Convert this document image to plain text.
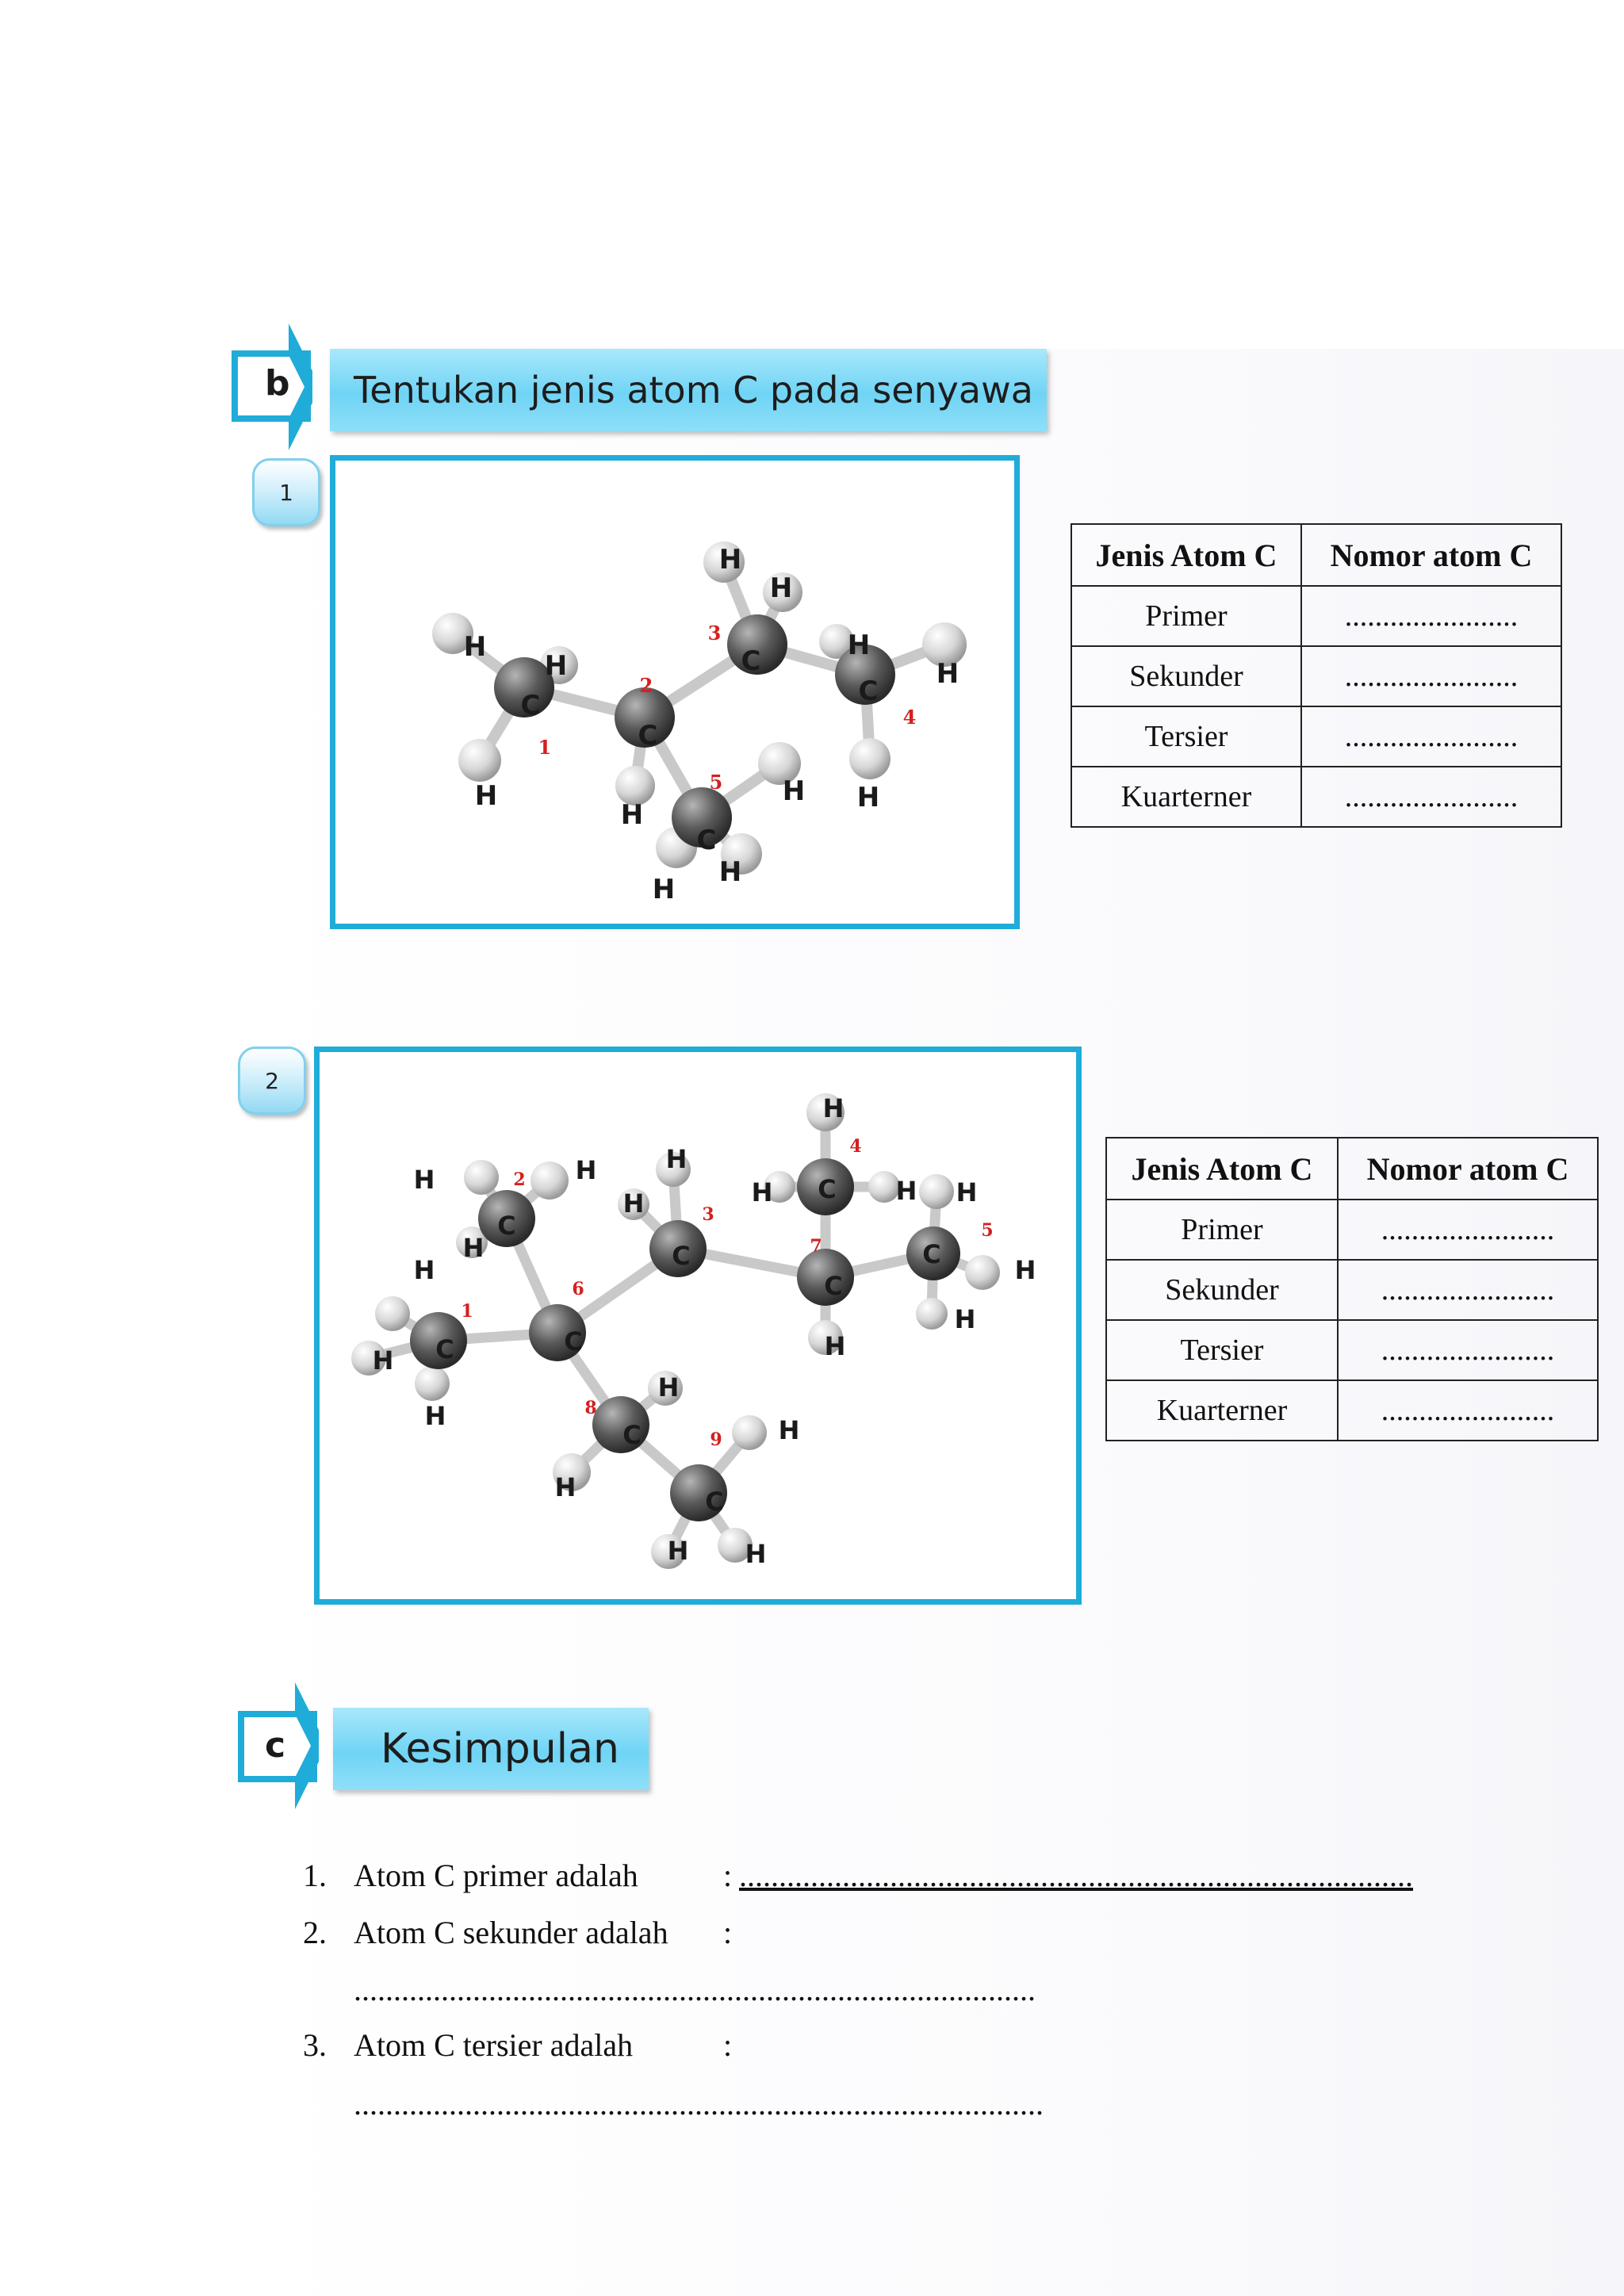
b	Tentukan jenis atom C pada senyawa
1
C
C
C
C
C
H
H
H
H
H
H
H
H
H
H
H
H
1
2
3
4
5
Jenis Atom C	Nomor atom C
Primer	.......................
Sekunder	.......................
Tersier	.......................
Kuarterner	.......................
2
C
C
C
C
C
C
C
C
C
H	H
H
H
H
H
H
H
H
H	H H
H
H
H
H
H
H
H H
1
2
3
4
5
6
7
8
9
Jenis Atom C	Nomor atom C
Primer	.......................
Sekunder	.......................
Tersier	.......................
Kuarterner	.......................
c	Kesimpulan
1. Atom C primer adalah	: .....................................................................................
2. Atom C sekunder adalah :
......................................................................................
3. Atom C tersier adalah	:
.......................................................................................
